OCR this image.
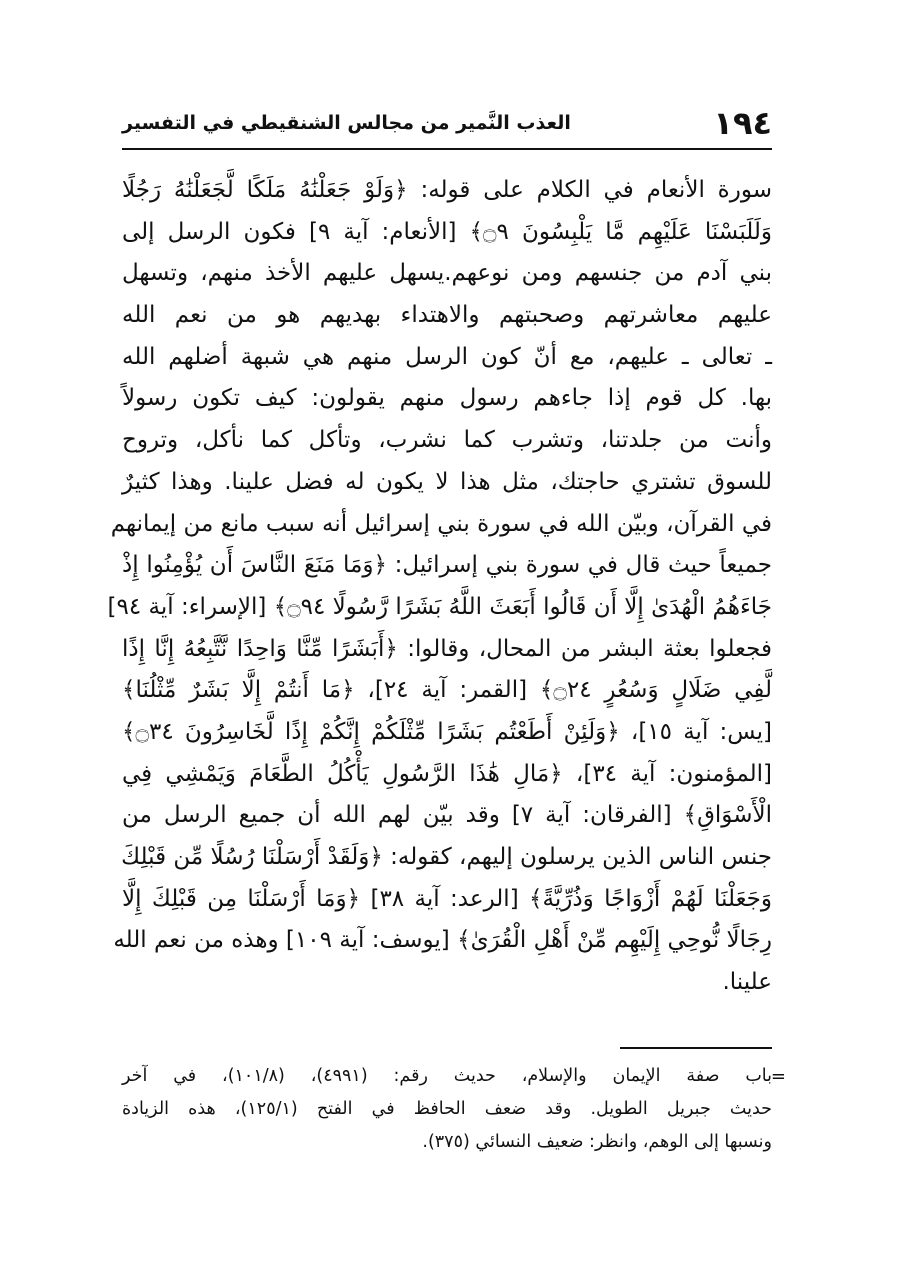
١٩٤
العذب النَّمير من مجالس الشنقيطي في التفسير
سورة الأنعام في الكلام على قوله: ﴿وَلَوْ جَعَلْنَٰهُ مَلَكًا لَّجَعَلْنَٰهُ رَجُلًا
وَلَلَبَسْنَا عَلَيْهِم مَّا يَلْبِسُونَ ۝٩﴾ [الأنعام: آية ٩] فكون الرسل إلى
بني آدم من جنسهم ومن نوعهم.يسهل عليهم الأخذ منهم، وتسهل
عليهم معاشرتهم وصحبتهم والاهتداء بهديهم هو من نعم الله
ـ تعالى ـ عليهم، مع أنّ كون الرسل منهم هي شبهة أضلهم الله
بها. كل قوم إذا جاءهم رسول منهم يقولون: كيف تكون رسولاً
وأنت من جلدتنا، وتشرب كما نشرب، وتأكل كما نأكل، وتروح
للسوق تشتري حاجتك، مثل هذا لا يكون له فضل علينا. وهذا كثيرٌ
في القرآن، وبيّن الله في سورة بني إسرائيل أنه سبب مانع من إيمانهم
جميعاً حيث قال في سورة بني إسرائيل: ﴿وَمَا مَنَعَ النَّاسَ أَن يُؤْمِنُوا إِذْ
جَاءَهُمُ الْهُدَىٰ إِلَّا أَن قَالُوا أَبَعَثَ اللَّهُ بَشَرًا رَّسُولًا ۝٩٤﴾ [الإسراء: آية ٩٤]
فجعلوا بعثة البشر من المحال، وقالوا: ﴿أَبَشَرًا مِّنَّا وَاحِدًا نَّتَّبِعُهُ إِنَّا إِذًا
لَّفِي ضَلَالٍ وَسُعُرٍ ۝٢٤﴾ [القمر: آية ٢٤]، ﴿مَا أَنتُمْ إِلَّا بَشَرٌ مِّثْلُنَا﴾
[يس: آية ١٥]، ﴿وَلَئِنْ أَطَعْتُم بَشَرًا مِّثْلَكُمْ إِنَّكُمْ إِذًا لَّخَاسِرُونَ ۝٣٤﴾
[المؤمنون: آية ٣٤]، ﴿مَالِ هَٰذَا الرَّسُولِ يَأْكُلُ الطَّعَامَ وَيَمْشِي فِي
الْأَسْوَاقِ﴾ [الفرقان: آية ٧] وقد بيّن لهم الله أن جميع الرسل من
جنس الناس الذين يرسلون إليهم، كقوله: ﴿وَلَقَدْ أَرْسَلْنَا رُسُلًا مِّن قَبْلِكَ
وَجَعَلْنَا لَهُمْ أَزْوَاجًا وَذُرِّيَّةً﴾ [الرعد: آية ٣٨] ﴿وَمَا أَرْسَلْنَا مِن قَبْلِكَ إِلَّا
رِجَالًا نُّوحِي إِلَيْهِم مِّنْ أَهْلِ الْقُرَىٰ﴾ [يوسف: آية ١٠٩] وهذه من نعم الله
علينا.
=
باب صفة الإيمان والإسلام، حديث رقم: (٤٩٩١)، (١٠١/٨)، في آخر
حديث جبريل الطويل. وقد ضعف الحافظ في الفتح (١٢٥/١)، هذه الزيادة
ونسبها إلى الوهم، وانظر: ضعيف النسائي (٣٧٥).
